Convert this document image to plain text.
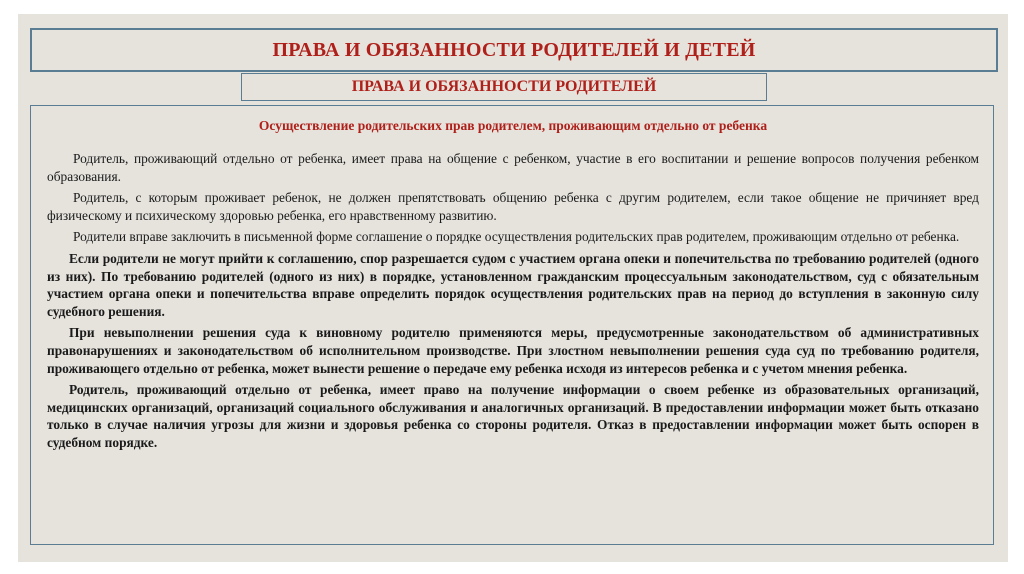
ПРАВА И ОБЯЗАННОСТИ РОДИТЕЛЕЙ И ДЕТЕЙ
ПРАВА И ОБЯЗАННОСТИ РОДИТЕЛЕЙ
Осуществление родительских прав родителем, проживающим отдельно от ребенка

Родитель, проживающий отдельно от ребенка, имеет права на общение с ребенком, участие в его воспитании и решение вопросов получения ребенком образования.

Родитель, с которым проживает ребенок, не должен препятствовать общению ребенка с другим родителем, если такое общение не причиняет вред физическому и психическому здоровью ребенка, его нравственному развитию.

Родители вправе заключить в письменной форме соглашение о порядке осуществления родительских прав родителем, проживающим отдельно от ребенка.

Если родители не могут прийти к соглашению, спор разрешается судом с участием органа опеки и попечительства по требованию родителей (одного из них). По требованию родителей (одного из них) в порядке, установленном гражданским процессуальным законодательством, суд с обязательным участием органа опеки и попечительства вправе определить порядок осуществления родительских прав на период до вступления в законную силу судебного решения.

При невыполнении решения суда к виновному родителю применяются меры, предусмотренные законодательством об административных правонарушениях и законодательством об исполнительном производстве. При злостном невыполнении решения суда суд по требованию родителя, проживающего отдельно от ребенка, может вынести решение о передаче ему ребенка исходя из интересов ребенка и с учетом мнения ребенка.

Родитель, проживающий отдельно от ребенка, имеет право на получение информации о своем ребенке из образовательных организаций, медицинских организаций, организаций социального обслуживания и аналогичных организаций. В предоставлении информации может быть отказано только в случае наличия угрозы для жизни и здоровья ребенка со стороны родителя. Отказ в предоставлении информации может быть оспорен в судебном порядке.
